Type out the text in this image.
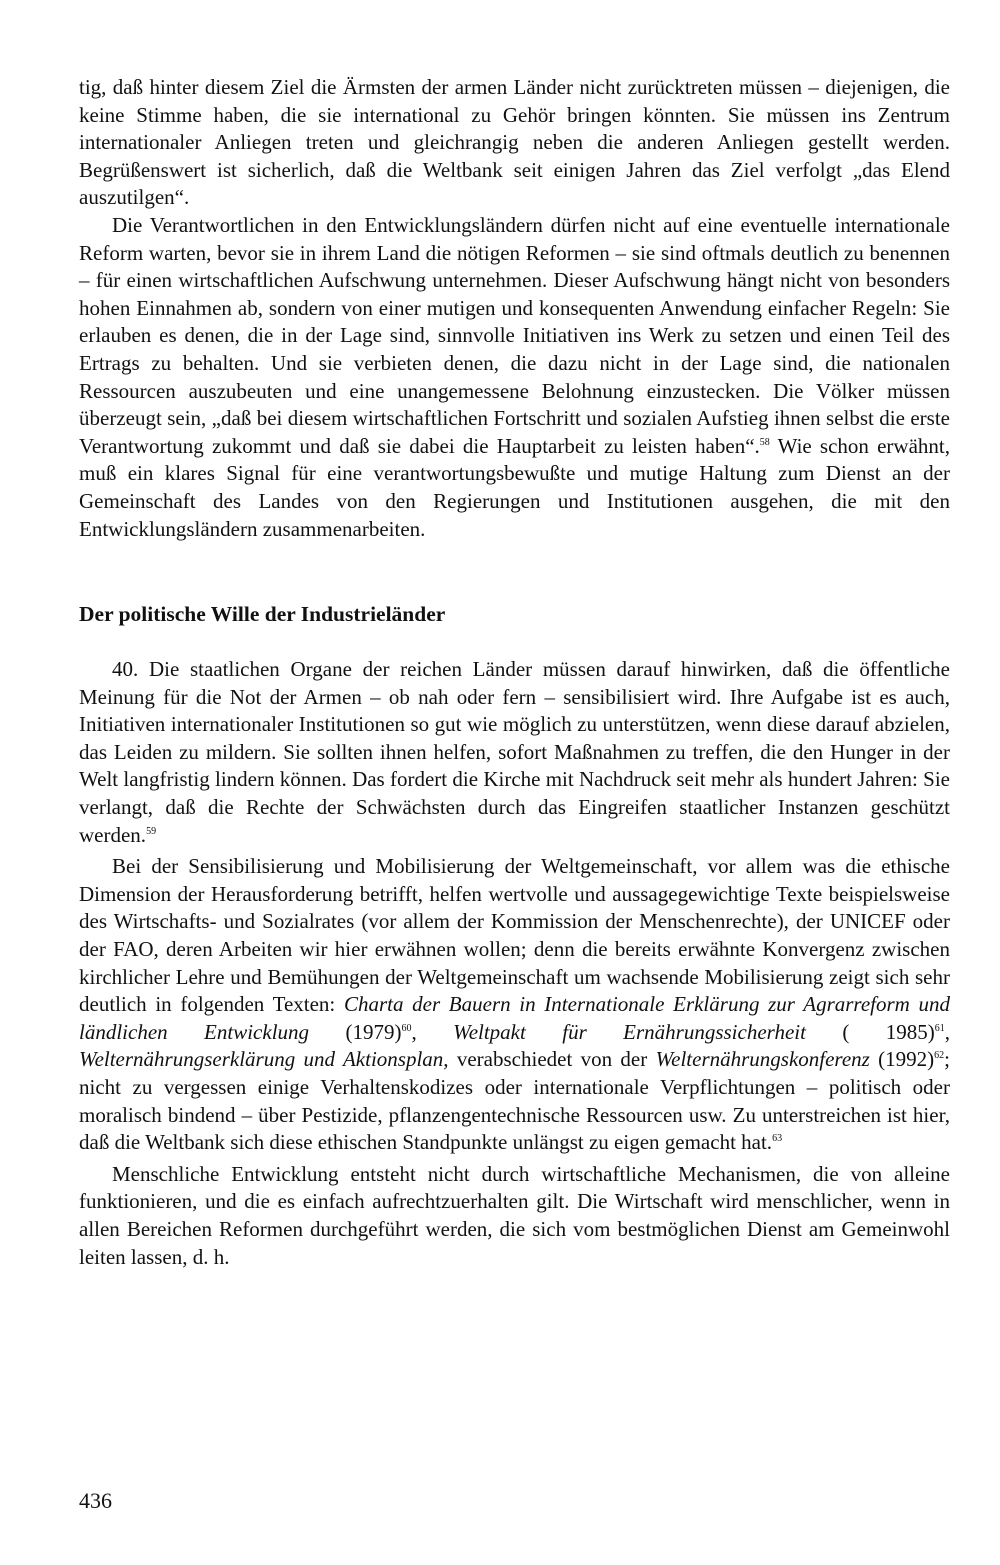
tig, daß hinter diesem Ziel die Ärmsten der armen Länder nicht zurücktreten müssen – diejenigen, die keine Stimme haben, die sie international zu Gehör bringen könnten. Sie müssen ins Zentrum internationaler Anliegen treten und gleichrangig neben die anderen Anliegen gestellt werden. Begrüßenswert ist sicherlich, daß die Weltbank seit einigen Jahren das Ziel verfolgt „das Elend auszutilgen“.

Die Verantwortlichen in den Entwicklungsländern dürfen nicht auf eine eventuelle internationale Reform warten, bevor sie in ihrem Land die nötigen Reformen – sie sind oftmals deutlich zu benennen – für einen wirtschaftlichen Aufschwung unternehmen. Dieser Aufschwung hängt nicht von besonders hohen Einnahmen ab, sondern von einer mutigen und konsequenten Anwendung einfacher Regeln: Sie erlauben es denen, die in der Lage sind, sinnvolle Initiativen ins Werk zu setzen und einen Teil des Ertrags zu behalten. Und sie verbieten denen, die dazu nicht in der Lage sind, die nationalen Ressourcen auszubeuten und eine unangemessene Belohnung einzustecken. Die Völker müssen überzeugt sein, „daß bei diesem wirtschaftlichen Fortschritt und sozialen Aufstieg ihnen selbst die erste Verantwortung zukommt und daß sie dabei die Hauptarbeit zu leisten haben“.$^{58}$ Wie schon erwähnt, muß ein klares Signal für eine verantwortungsbewußte und mutige Haltung zum Dienst an der Gemeinschaft des Landes von den Regierungen und Institutionen ausgehen, die mit den Entwicklungsländern zusammenarbeiten.

Der politische Wille der Industrieländer

40. Die staatlichen Organe der reichen Länder müssen darauf hinwirken, daß die öffentliche Meinung für die Not der Armen – ob nah oder fern – sensibilisiert wird. Ihre Aufgabe ist es auch, Initiativen internationaler Institutionen so gut wie möglich zu unterstützen, wenn diese darauf abzielen, das Leiden zu mildern. Sie sollten ihnen helfen, sofort Maßnahmen zu treffen, die den Hunger in der Welt langfristig lindern können. Das fordert die Kirche mit Nachdruck seit mehr als hundert Jahren: Sie verlangt, daß die Rechte der Schwächsten durch das Eingreifen staatlicher Instanzen geschützt werden.$^{59}$

Bei der Sensibilisierung und Mobilisierung der Weltgemeinschaft, vor allem was die ethische Dimension der Herausforderung betrifft, helfen wertvolle und aussagegewichtige Texte beispielsweise des Wirtschafts- und Sozialrates (vor allem der Kommission der Menschenrechte), der UNICEF oder der FAO, deren Arbeiten wir hier erwähnen wollen; denn die bereits erwähnte Konvergenz zwischen kirchlicher Lehre und Bemühungen der Weltgemeinschaft um wachsende Mobilisierung zeigt sich sehr deutlich in folgenden Texten: Charta der Bauern in Internationale Erklärung zur Agrarreform und ländlichen Entwicklung $(1979)^{60}$, Weltpakt für Ernährungssicherheit ( 1985)$^{61}$, Welternährungserklärung und Aktionsplan, verabschiedet von der Welternährungskonferenz $(1992)^{62}$; nicht zu vergessen einige Verhaltenskodizes oder internationale Verpflichtungen – politisch oder moralisch bindend – über Pestizide, pflanzengentechnische Ressourcen usw. Zu unterstreichen ist hier, daß die Weltbank sich diese ethischen Standpunkte unlängst zu eigen gemacht hat.$^{63}$

Menschliche Entwicklung entsteht nicht durch wirtschaftliche Mechanismen, die von alleine funktionieren, und die es einfach aufrechtzuerhalten gilt. Die Wirtschaft wird menschlicher, wenn in allen Bereichen Reformen durchgeführt werden, die sich vom bestmöglichen Dienst am Gemeinwohl leiten lassen, d. h.

436
